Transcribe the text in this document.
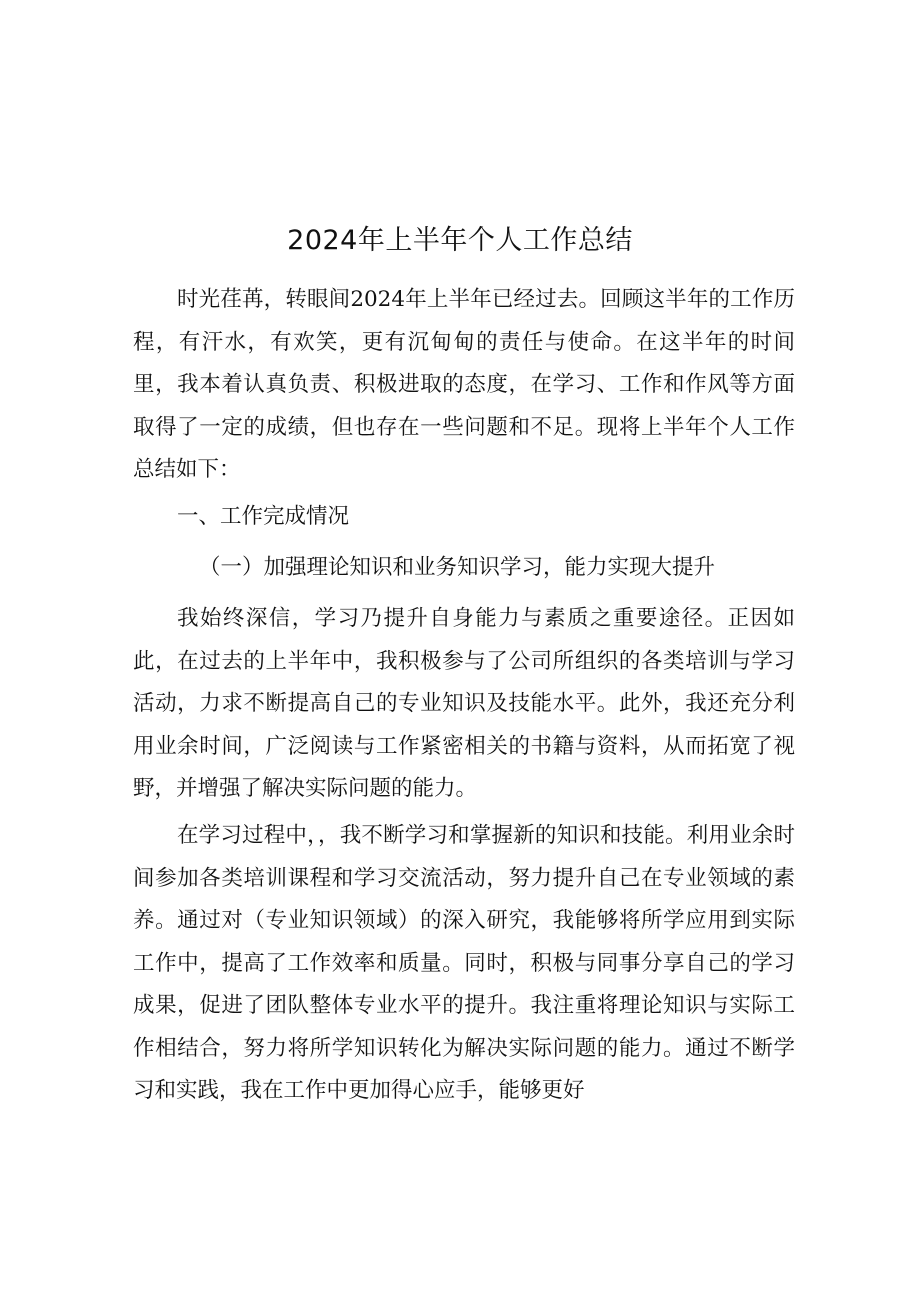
2024年上半年个人工作总结

时光荏苒，转眼间2024年上半年已经过去。回顾这半年的工作历程，有汗水，有欢笑，更有沉甸甸的责任与使命。在这半年的时间里，我本着认真负责、积极进取的态度，在学习、工作和作风等方面取得了一定的成绩，但也存在一些问题和不足。现将上半年个人工作总结如下：

一、工作完成情况

（一）加强理论知识和业务知识学习，能力实现大提升

我始终深信，学习乃提升自身能力与素质之重要途径。正因如此，在过去的上半年中，我积极参与了公司所组织的各类培训与学习活动，力求不断提高自己的专业知识及技能水平。此外，我还充分利用业余时间，广泛阅读与工作紧密相关的书籍与资料，从而拓宽了视野，并增强了解决实际问题的能力。

在学习过程中，，我不断学习和掌握新的知识和技能。利用业余时间参加各类培训课程和学习交流活动，努力提升自己在专业领域的素养。通过对（专业知识领域）的深入研究，我能够将所学应用到实际工作中，提高了工作效率和质量。同时，积极与同事分享自己的学习成果，促进了团队整体专业水平的提升。我注重将理论知识与实际工作相结合，努力将所学知识转化为解决实际问题的能力。通过不断学习和实践，我在工作中更加得心应手，能够更好
